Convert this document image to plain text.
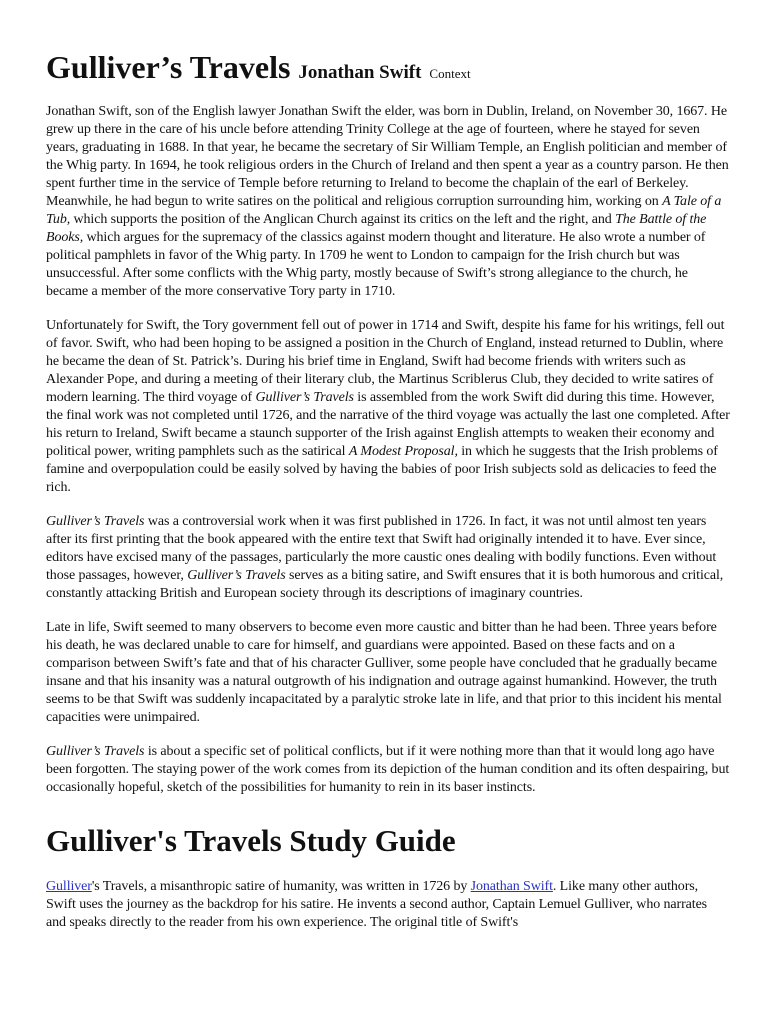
Gulliver’s Travels Jonathan Swift Context

Jonathan Swift, son of the English lawyer Jonathan Swift the elder, was born in Dublin, Ireland, on November 30, 1667. He grew up there in the care of his uncle before attending Trinity College at the age of fourteen, where he stayed for seven years, graduating in 1688. In that year, he became the secretary of Sir William Temple, an English politician and member of the Whig party. In 1694, he took religious orders in the Church of Ireland and then spent a year as a country parson. He then spent further time in the service of Temple before returning to Ireland to become the chaplain of the earl of Berkeley. Meanwhile, he had begun to write satires on the political and religious corruption surrounding him, working on A Tale of a Tub, which supports the position of the Anglican Church against its critics on the left and the right, and The Battle of the Books, which argues for the supremacy of the classics against modern thought and literature. He also wrote a number of political pamphlets in favor of the Whig party. In 1709 he went to London to campaign for the Irish church but was unsuccessful. After some conflicts with the Whig party, mostly because of Swift’s strong allegiance to the church, he became a member of the more conservative Tory party in 1710.

Unfortunately for Swift, the Tory government fell out of power in 1714 and Swift, despite his fame for his writings, fell out of favor. Swift, who had been hoping to be assigned a position in the Church of England, instead returned to Dublin, where he became the dean of St. Patrick’s. During his brief time in England, Swift had become friends with writers such as Alexander Pope, and during a meeting of their literary club, the Martinus Scriblerus Club, they decided to write satires of modern learning. The third voyage of Gulliver’s Travels is assembled from the work Swift did during this time. However, the final work was not completed until 1726, and the narrative of the third voyage was actually the last one completed. After his return to Ireland, Swift became a staunch supporter of the Irish against English attempts to weaken their economy and political power, writing pamphlets such as the satirical A Modest Proposal, in which he suggests that the Irish problems of famine and overpopulation could be easily solved by having the babies of poor Irish subjects sold as delicacies to feed the rich.

Gulliver’s Travels was a controversial work when it was first published in 1726. In fact, it was not until almost ten years after its first printing that the book appeared with the entire text that Swift had originally intended it to have. Ever since, editors have excised many of the passages, particularly the more caustic ones dealing with bodily functions. Even without those passages, however, Gulliver’s Travels serves as a biting satire, and Swift ensures that it is both humorous and critical, constantly attacking British and European society through its descriptions of imaginary countries.

Late in life, Swift seemed to many observers to become even more caustic and bitter than he had been. Three years before his death, he was declared unable to care for himself, and guardians were appointed. Based on these facts and on a comparison between Swift’s fate and that of his character Gulliver, some people have concluded that he gradually became insane and that his insanity was a natural outgrowth of his indignation and outrage against humankind. However, the truth seems to be that Swift was suddenly incapacitated by a paralytic stroke late in life, and that prior to this incident his mental capacities were unimpaired.

Gulliver’s Travels is about a specific set of political conflicts, but if it were nothing more than that it would long ago have been forgotten. The staying power of the work comes from its depiction of the human condition and its often despairing, but occasionally hopeful, sketch of the possibilities for humanity to rein in its baser instincts.

Gulliver's Travels Study Guide

Gulliver's Travels, a misanthropic satire of humanity, was written in 1726 by Jonathan Swift. Like many other authors, Swift uses the journey as the backdrop for his satire. He invents a second author, Captain Lemuel Gulliver, who narrates and speaks directly to the reader from his own experience. The original title of Swift's
